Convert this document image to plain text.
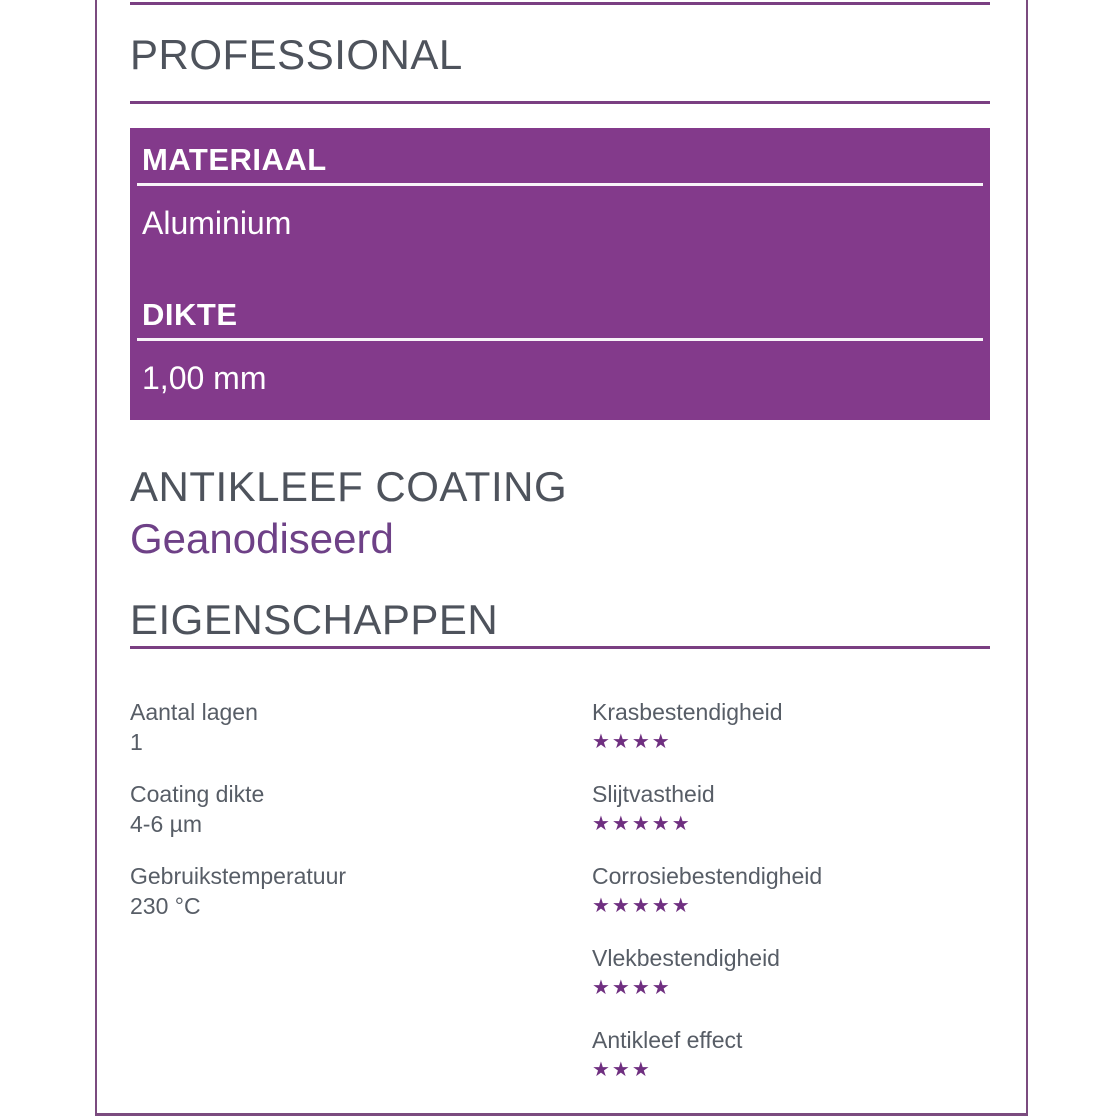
PROFESSIONAL
MATERIAAL
Aluminium
DIKTE
1,00 mm
ANTIKLEEF COATING
Geanodiseerd
EIGENSCHAPPEN
Aantal lagen
1
Coating dikte
4-6 µm
Gebruikstemperatuur
230 °C
Krasbestendigheid
★★★★
Slijtvastheid
★★★★★
Corrosiebestendigheid
★★★★★
Vlekbestendigheid
★★★★
Antikleef effect
★★★
